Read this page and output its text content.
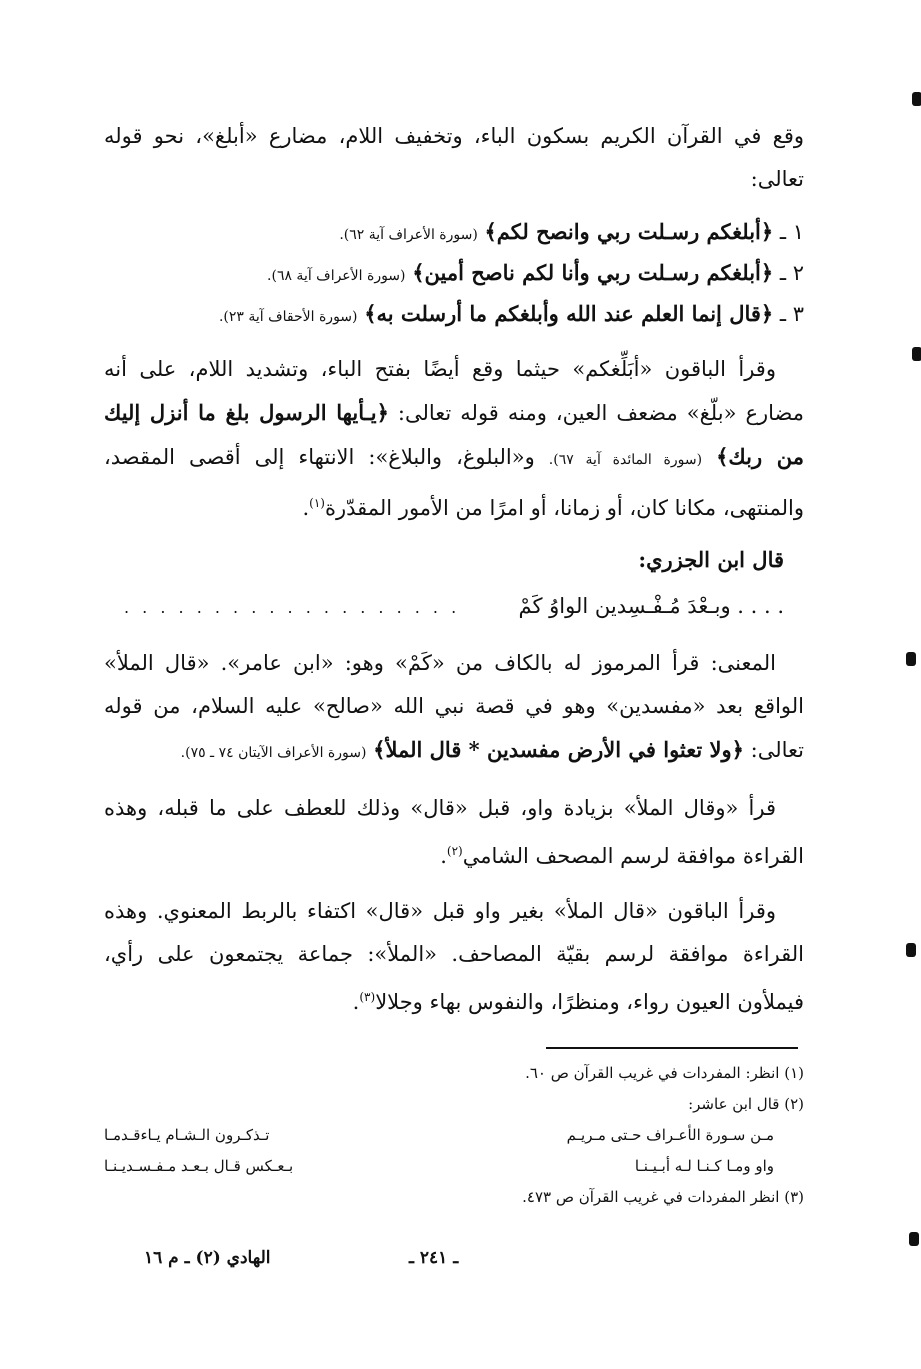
وقع في القرآن الكريم بسكون الباء، وتخفيف اللام، مضارع «أبلغ»، نحو قوله تعالى:

١ ـ ﴿أبلغكم رسـلت ربي وانصح لكم﴾ (سورة الأعراف آية ٦٢).

٢ ـ ﴿أبلغكم رسـلت ربي وأنا لكم ناصح أمين﴾ (سورة الأعراف آية ٦٨).

٣ ـ ﴿قال إنما العلم عند الله وأبلغكم ما أرسلت به﴾ (سورة الأحقاف آية ٢٣).

وقرأ الباقون «أبَلِّغكم» حيثما وقع أيضًا بفتح الباء، وتشديد اللام، على أنه مضارع «بلّغ» مضعف العين، ومنه قوله تعالى: ﴿يـأيها الرسول بلغ ما أنزل إليك من ربك﴾ (سورة المائدة آية ٦٧). و«البلوغ، والبلاغ»: الانتهاء إلى أقصى المقصد، والمنتهى، مكانا كان، أو زمانا، أو امرًا من الأمور المقدّرة$^{(١)}$.

قال ابن الجزري:

. . . . وبـعْدَ مُـفْـسِدين الواوُ كَمْ
. . . . . . . . . . . . . . . . . . .

المعنى: قرأ المرموز له بالكاف من «كَمْ» وهو: «ابن عامر». «قال الملأ» الواقع بعد «مفسدين» وهو في قصة نبي الله «صالح» عليه السلام، من قوله تعالى: ﴿ولا تعثوا في الأرض مفسدين * قال الملأ﴾ (سورة الأعراف الآيتان ٧٤ ـ ٧٥).

قرأ «وقال الملأ» بزيادة واو، قبل «قال» وذلك للعطف على ما قبله، وهذه القراءة موافقة لرسم المصحف الشامي$^{(٢)}$.

وقرأ الباقون «قال الملأ» بغير واو قبل «قال» اكتفاء بالربط المعنوي. وهذه القراءة موافقة لرسم بقيّة المصاحف. «الملأ»: جماعة يجتمعون على رأي، فيملأون العيون رواء، ومنظرًا، والنفوس بهاء وجلالا$^{(٣)}$.

(١) انظر: المفردات في غريب القرآن ص ٦٠.

(٢) قال ابن عاشر:

مـن سـورة الأعـراف حـتى مـريـم
تـذكـرون الـشـام يـاءقـدمـا
واو ومـا كـنـا لـه أبـيـنـا
بـعـكس قـال بـعـد مـفـسـديـنـا

(٣) انظر المفردات في غريب القرآن ص ٤٧٣.

ـ ٢٤١ ـ
الهادي (٢) ـ م ١٦
